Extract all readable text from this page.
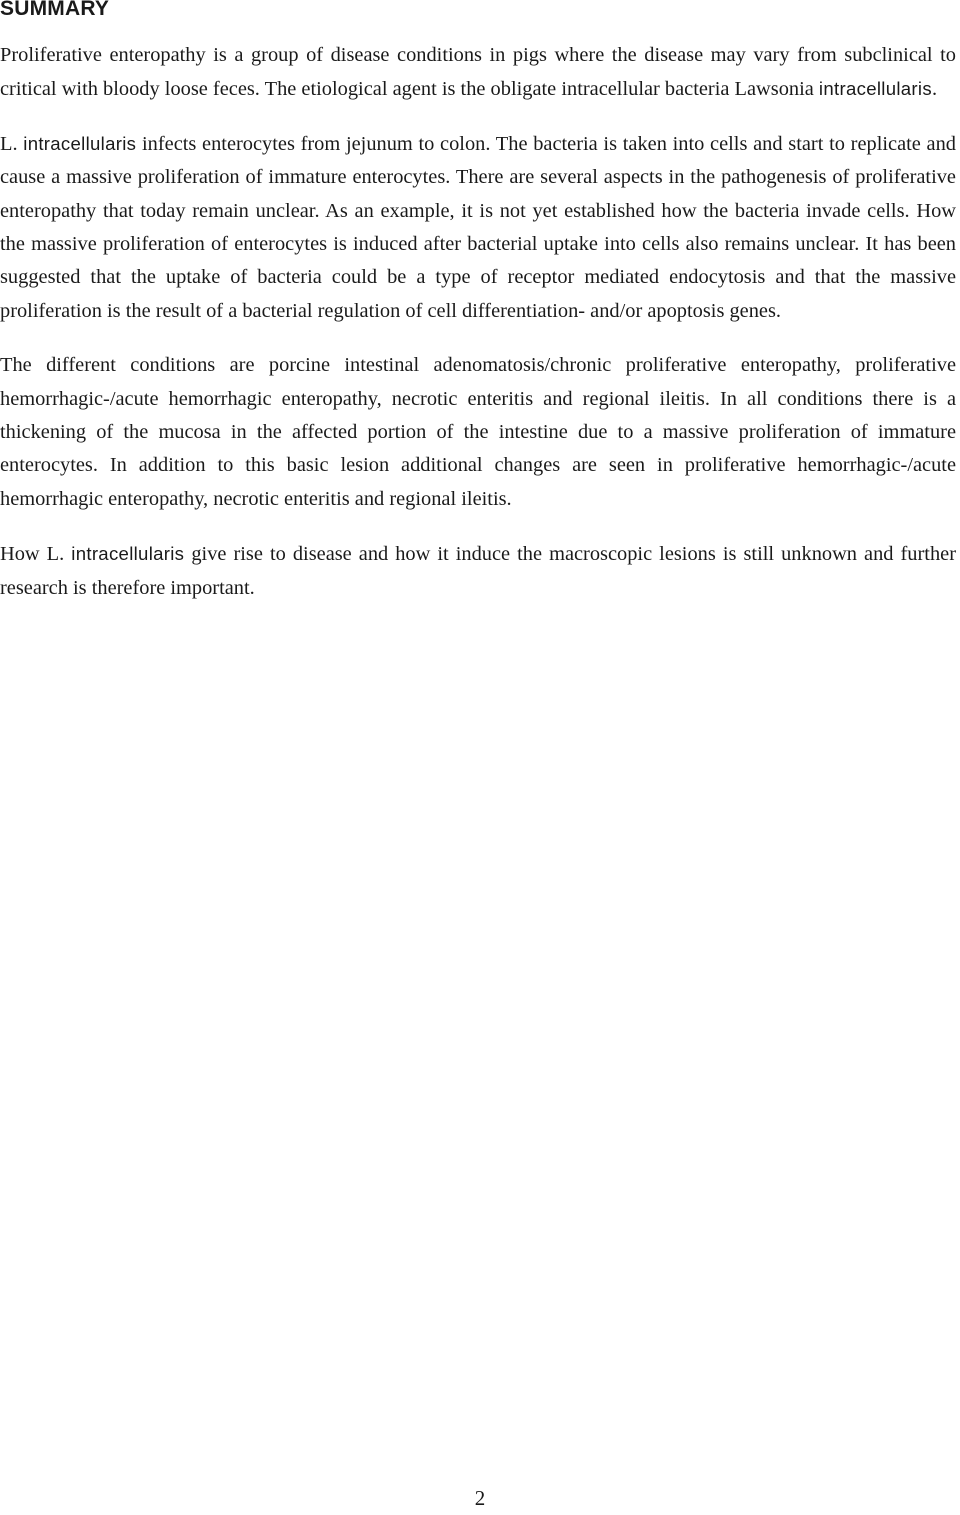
SUMMARY

Proliferative enteropathy is a group of disease conditions in pigs where the disease may vary from subclinical to critical with bloody loose feces. The etiological agent is the obligate intracellular bacteria Lawsonia intracellularis.

L. intracellularis infects enterocytes from jejunum to colon. The bacteria is taken into cells and start to replicate and cause a massive proliferation of immature enterocytes. There are several aspects in the pathogenesis of proliferative enteropathy that today remain unclear. As an example, it is not yet established how the bacteria invade cells. How the massive proliferation of enterocytes is induced after bacterial uptake into cells also remains unclear. It has been suggested that the uptake of bacteria could be a type of receptor mediated endocytosis and that the massive proliferation is the result of a bacterial regulation of cell differentiation- and/or apoptosis genes.

The different conditions are porcine intestinal adenomatosis/chronic proliferative enteropathy, proliferative hemorrhagic-/acute hemorrhagic enteropathy, necrotic enteritis and regional ileitis. In all conditions there is a thickening of the mucosa in the affected portion of the intestine due to a massive proliferation of immature enterocytes. In addition to this basic lesion additional changes are seen in proliferative hemorrhagic-/acute hemorrhagic enteropathy, necrotic enteritis and regional ileitis.

How L. intracellularis give rise to disease and how it induce the macroscopic lesions is still unknown and further research is therefore important.

2
